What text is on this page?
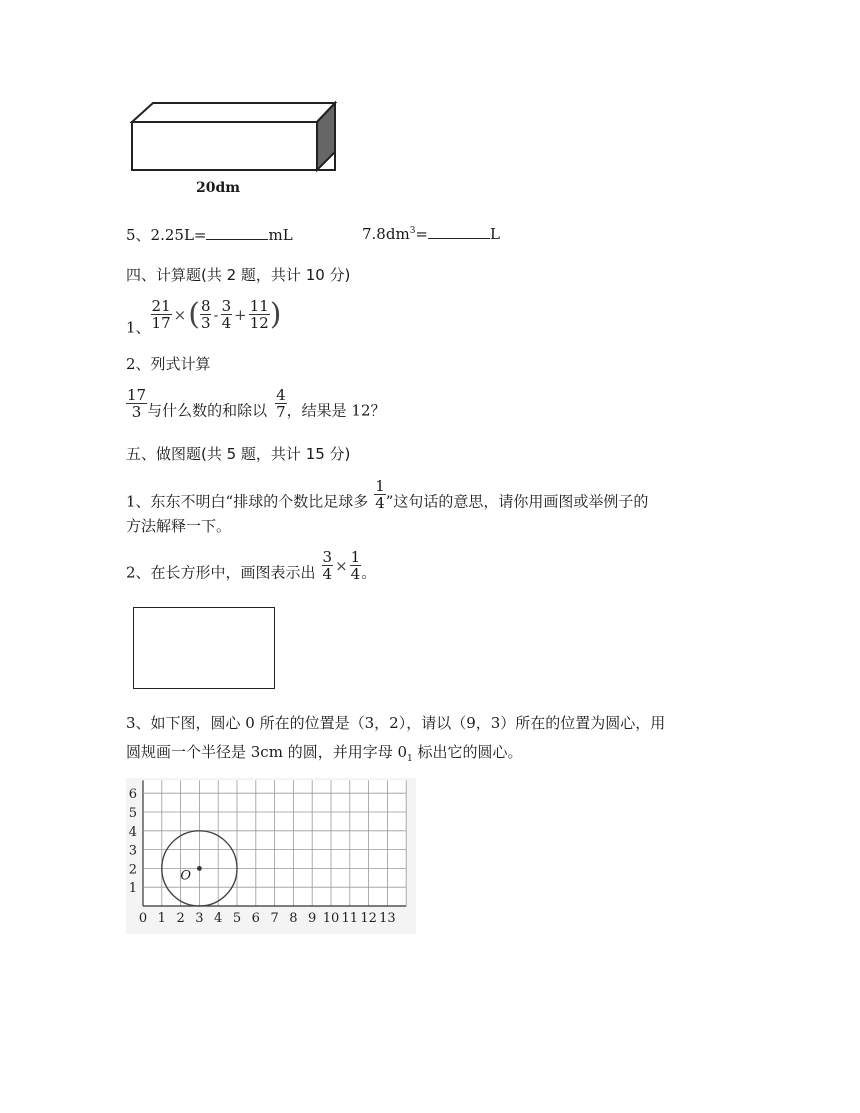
20dm
5、2.25L=	mL	$7.8dm^3=$	L
四、计算题(共 2 题，共计 10 分)
1、 $\frac{21}{17}$ ×( $\frac{8}{3} - \frac{3}{4} + \frac{11}{12}$ )
2、列式计算
$\frac{17}{3}$ 与什么数的和除以 $\frac{4}{7}$ ，结果是 12？
五、做图题(共 5 题，共计 15 分)
1、东东不明白“排球的个数比足球多 $\frac{1}{4}$ ”这句话的意思，请你用画图或举例子的
方法解释一下。
2、在长方形中，画图表示出 $\frac{3}{4} \times \frac{1}{4}$ 。
3、如下图，圆心 0 所在的位置是（3，2），请以（9，3）所在的位置为圆心，用
圆规画一个半径是 3cm 的圆，并用字母 $0_1$ 标出它的圆心。
0 1 2 3 4 5 6 7 8 9 10 11 12 13
1
2
3
4
5
6
O
